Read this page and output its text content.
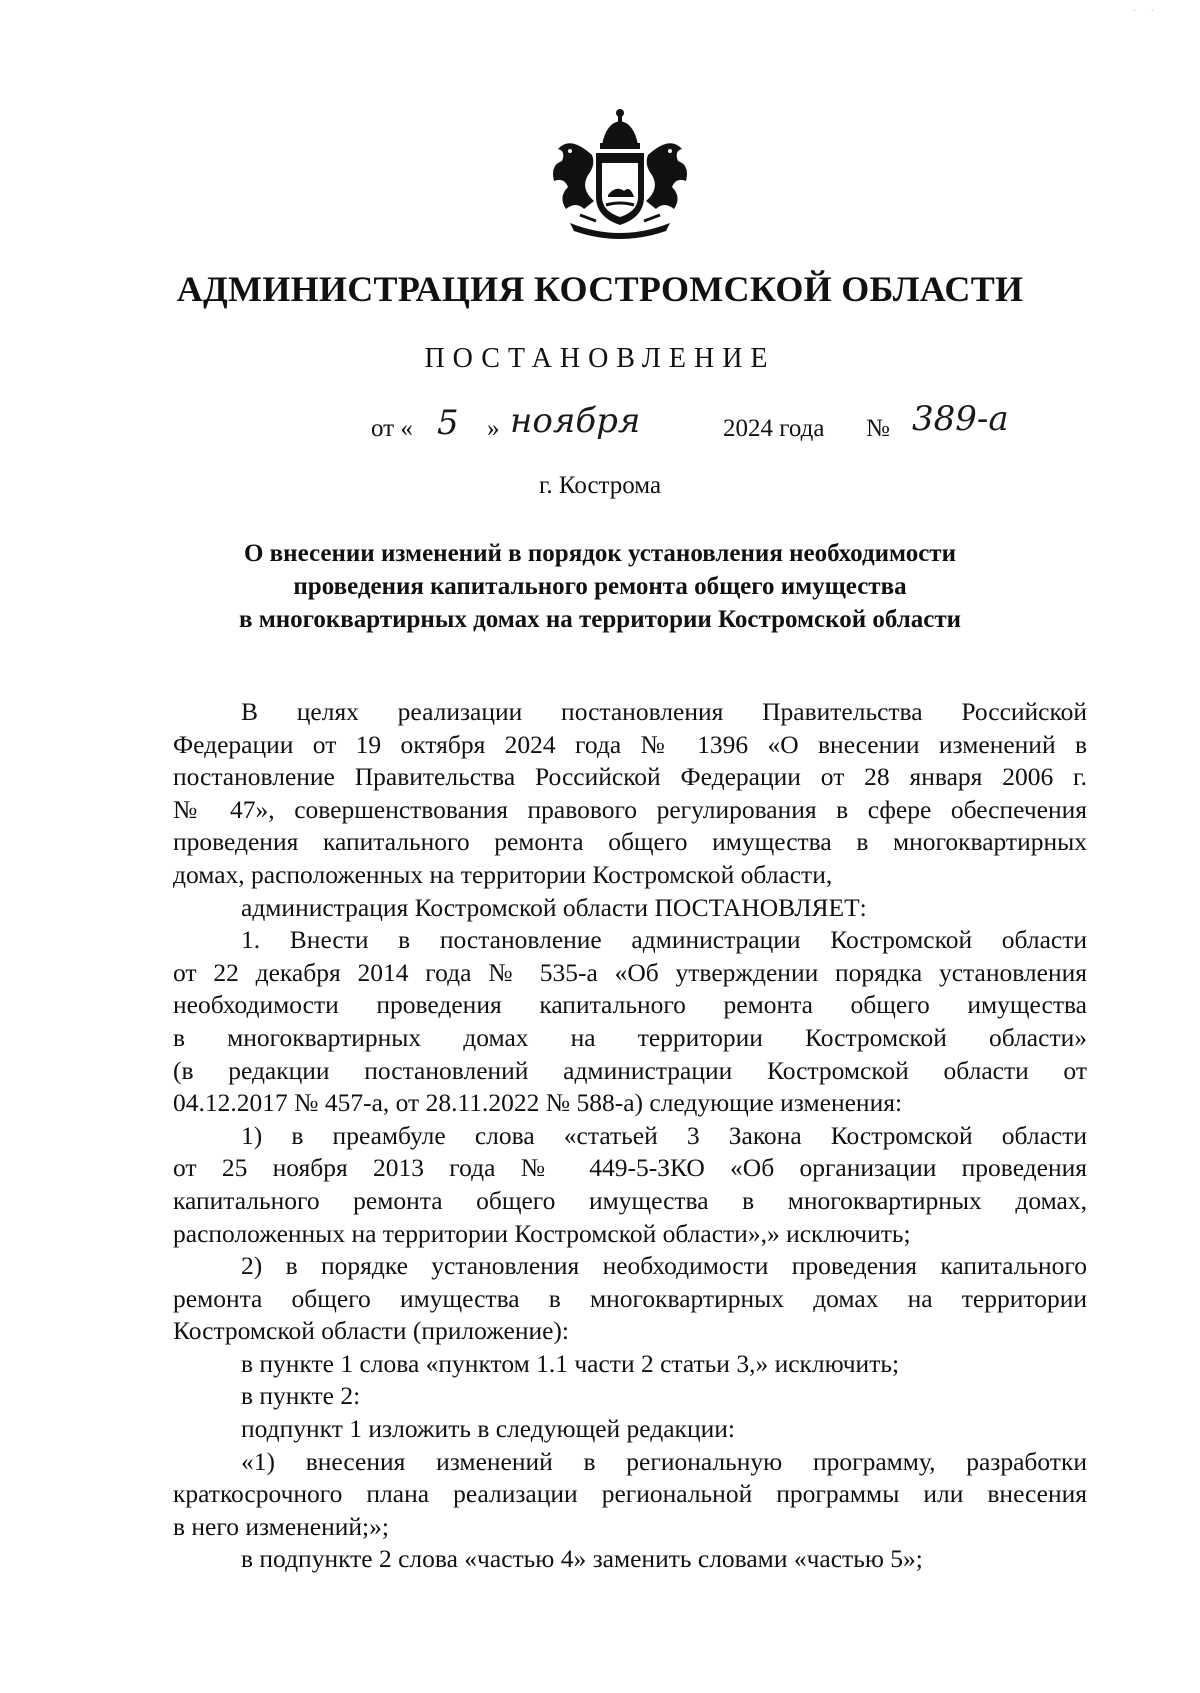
· ·
АДМИНИСТРАЦИЯ КОСТРОМСКОЙ ОБЛАСТИ
ПОСТАНОВЛЕНИЕ
от « 5 » ноября	2024 года № 389-а
г. Кострома
О внесении изменений в порядок установления необходимости
проведения капитального ремонта общего имущества
в многоквартирных домах на территории Костромской области
В целях реализации постановления Правительства Российской
Федерации от 19 октября 2024 года № 1396 «О внесении изменений в
постановление Правительства Российской Федерации от 28 января 2006 г.
№ 47», совершенствования правового регулирования в сфере обеспечения
проведения капитального ремонта общего имущества в многоквартирных
домах, расположенных на территории Костромской области,
администрация Костромской области ПОСТАНОВЛЯЕТ:
1. Внести в постановление администрации Костромской области
от 22 декабря 2014 года № 535-а «Об утверждении порядка установления
необходимости проведения капитального ремонта общего имущества
в многоквартирных домах на территории Костромской области»
(в редакции постановлений администрации Костромской области от
04.12.2017 № 457-а, от 28.11.2022 № 588-а) следующие изменения:
1) в преамбуле слова «статьей 3 Закона Костромской области
от 25 ноября 2013 года № 449-5-ЗКО «Об организации проведения
капитального ремонта общего имущества в многоквартирных домах,
расположенных на территории Костромской области»,» исключить;
2) в порядке установления необходимости проведения капитального
ремонта общего имущества в многоквартирных домах на территории
Костромской области (приложение):
в пункте 1 слова «пунктом 1.1 части 2 статьи 3,» исключить;
в пункте 2:
подпункт 1 изложить в следующей редакции:
«1) внесения изменений в региональную программу, разработки
краткосрочного плана реализации региональной программы или внесения
в него изменений;»;
в подпункте 2 слова «частью 4» заменить словами «частью 5»;
